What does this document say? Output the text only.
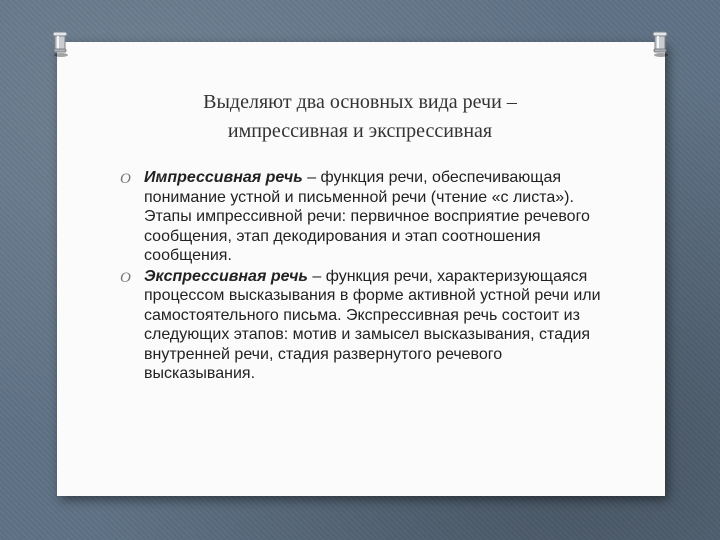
Выделяют два основных вида речи –
импрессивная и экспрессивная
O Импрессивная речь – функция речи, обеспечивающая понимание устной и письменной речи (чтение «с листа»). Этапы импрессивной речи: первичное восприятие речевого сообщения, этап декодирования и этап соотношения сообщения.
O Экспрессивная речь – функция речи, характеризующаяся процессом высказывания в форме активной устной речи или самостоятельного письма. Экспрессивная речь состоит из следующих этапов: мотив и замысел высказывания, стадия внутренней речи, стадия развернутого речевого высказывания.
